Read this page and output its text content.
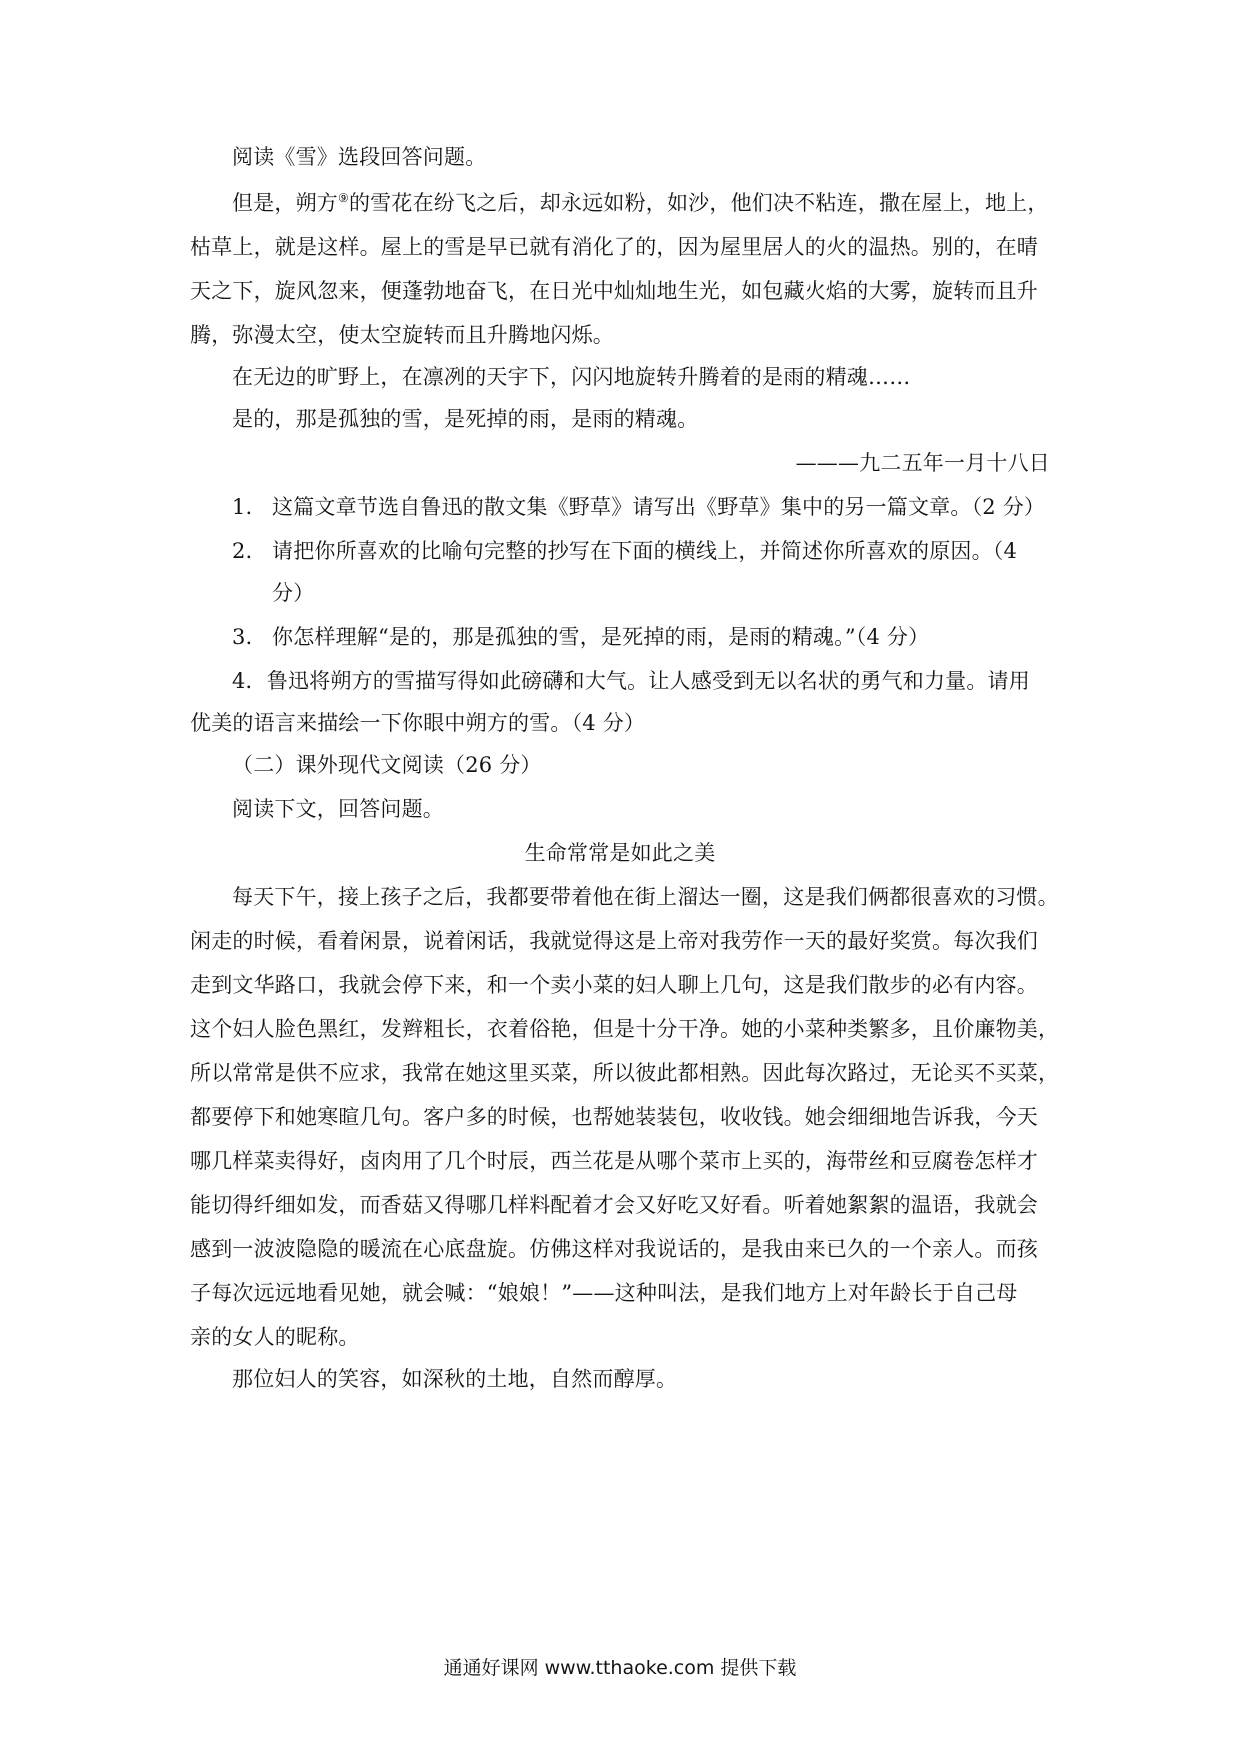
阅读《雪》选段回答问题。
但是，朔方⑨的雪花在纷飞之后，却永远如粉，如沙，他们决不粘连，撒在屋上，地上，
枯草上，就是这样。屋上的雪是早已就有消化了的，因为屋里居人的火的温热。别的，在晴
天之下，旋风忽来，便蓬勃地奋飞，在日光中灿灿地生光，如包藏火焰的大雾，旋转而且升
腾，弥漫太空，使太空旋转而且升腾地闪烁。
在无边的旷野上，在凛冽的天宇下，闪闪地旋转升腾着的是雨的精魂……
是的，那是孤独的雪，是死掉的雨，是雨的精魂。
———九二五年一月十八日
1. 这篇文章节选自鲁迅的散文集《野草》请写出《野草》集中的另一篇文章。（2 分）
2. 请把你所喜欢的比喻句完整的抄写在下面的横线上，并简述你所喜欢的原因。（4
分）
3. 你怎样理解“是的，那是孤独的雪，是死掉的雨，是雨的精魂。”（4 分）
4．鲁迅将朔方的雪描写得如此磅礴和大气。让人感受到无以名状的勇气和力量。请用
优美的语言来描绘一下你眼中朔方的雪。（4 分）
（二）课外现代文阅读（26 分）
阅读下文，回答问题。
生命常常是如此之美
每天下午，接上孩子之后，我都要带着他在街上溜达一圈，这是我们俩都很喜欢的习惯。
闲走的时候，看着闲景，说着闲话，我就觉得这是上帝对我劳作一天的最好奖赏。每次我们
走到文华路口，我就会停下来，和一个卖小菜的妇人聊上几句，这是我们散步的必有内容。
这个妇人脸色黑红，发辫粗长，衣着俗艳，但是十分干净。她的小菜种类繁多，且价廉物美，
所以常常是供不应求，我常在她这里买菜，所以彼此都相熟。因此每次路过，无论买不买菜，
都要停下和她寒暄几句。客户多的时候，也帮她装装包，收收钱。她会细细地告诉我，今天
哪几样菜卖得好，卤肉用了几个时辰，西兰花是从哪个菜市上买的，海带丝和豆腐卷怎样才
能切得纤细如发，而香菇又得哪几样料配着才会又好吃又好看。听着她絮絮的温语，我就会
感到一波波隐隐的暖流在心底盘旋。仿佛这样对我说话的，是我由来已久的一个亲人。而孩
子每次远远地看见她，就会喊：“娘娘！”——这种叫法，是我们地方上对年龄长于自己母
亲的女人的昵称。
那位妇人的笑容，如深秋的土地，自然而醇厚。
通通好课网 www.tthaoke.com 提供下载
